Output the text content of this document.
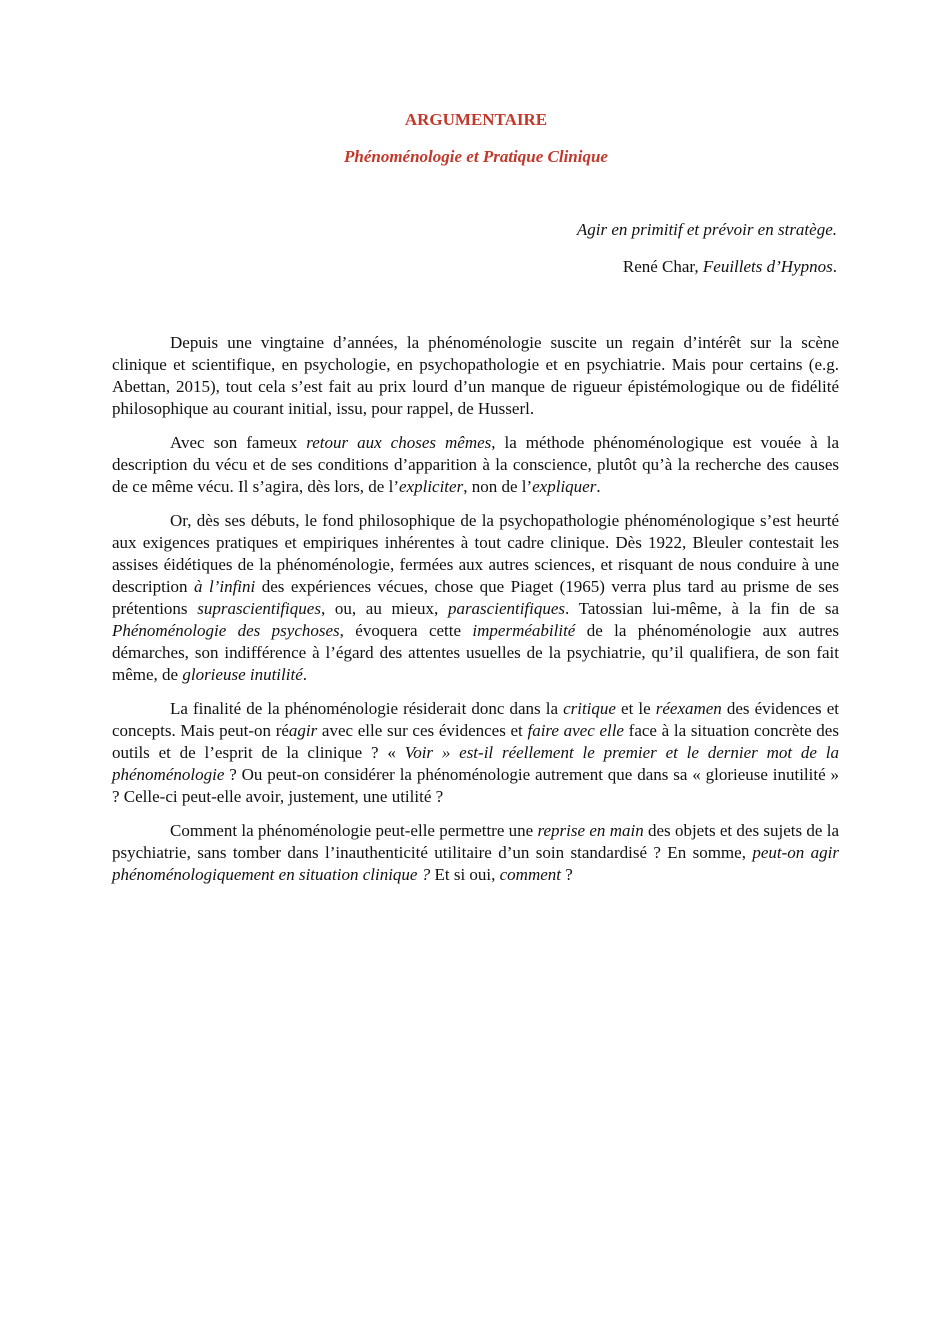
ARGUMENTAIRE
Phénoménologie et Pratique Clinique

Agir en primitif et prévoir en stratège.

René Char, Feuillets d’Hypnos.

Depuis une vingtaine d’années, la phénoménologie suscite un regain d’intérêt sur la scène clinique et scientifique, en psychologie, en psychopathologie et en psychiatrie. Mais pour certains (e.g. Abettan, 2015), tout cela s’est fait au prix lourd d’un manque de rigueur épistémologique ou de fidélité philosophique au courant initial, issu, pour rappel, de Husserl.

Avec son fameux retour aux choses mêmes, la méthode phénoménologique est vouée à la description du vécu et de ses conditions d’apparition à la conscience, plutôt qu’à la recherche des causes de ce même vécu. Il s’agira, dès lors, de l’expliciter, non de l’expliquer.

Or, dès ses débuts, le fond philosophique de la psychopathologie phénoménologique s’est heurté aux exigences pratiques et empiriques inhérentes à tout cadre clinique. Dès 1922, Bleuler contestait les assises éidétiques de la phénoménologie, fermées aux autres sciences, et risquant de nous conduire à une description à l’infini des expériences vécues, chose que Piaget (1965) verra plus tard au prisme de ses prétentions suprascientifiques, ou, au mieux, parascientifiques. Tatossian lui-même, à la fin de sa Phénoménologie des psychoses, évoquera cette imperméabilité de la phénoménologie aux autres démarches, son indifférence à l’égard des attentes usuelles de la psychiatrie, qu’il qualifiera, de son fait même, de glorieuse inutilité.

La finalité de la phénoménologie résiderait donc dans la critique et le réexamen des évidences et concepts. Mais peut-on réagir avec elle sur ces évidences et faire avec elle face à la situation concrète des outils et de l’esprit de la clinique ? « Voir » est-il réellement le premier et le dernier mot de la phénoménologie ? Ou peut-on considérer la phénoménologie autrement que dans sa « glorieuse inutilité » ? Celle-ci peut-elle avoir, justement, une utilité ?

Comment la phénoménologie peut-elle permettre une reprise en main des objets et des sujets de la psychiatrie, sans tomber dans l’inauthenticité utilitaire d’un soin standardisé ? En somme, peut-on agir phénoménologiquement en situation clinique ? Et si oui, comment ?
